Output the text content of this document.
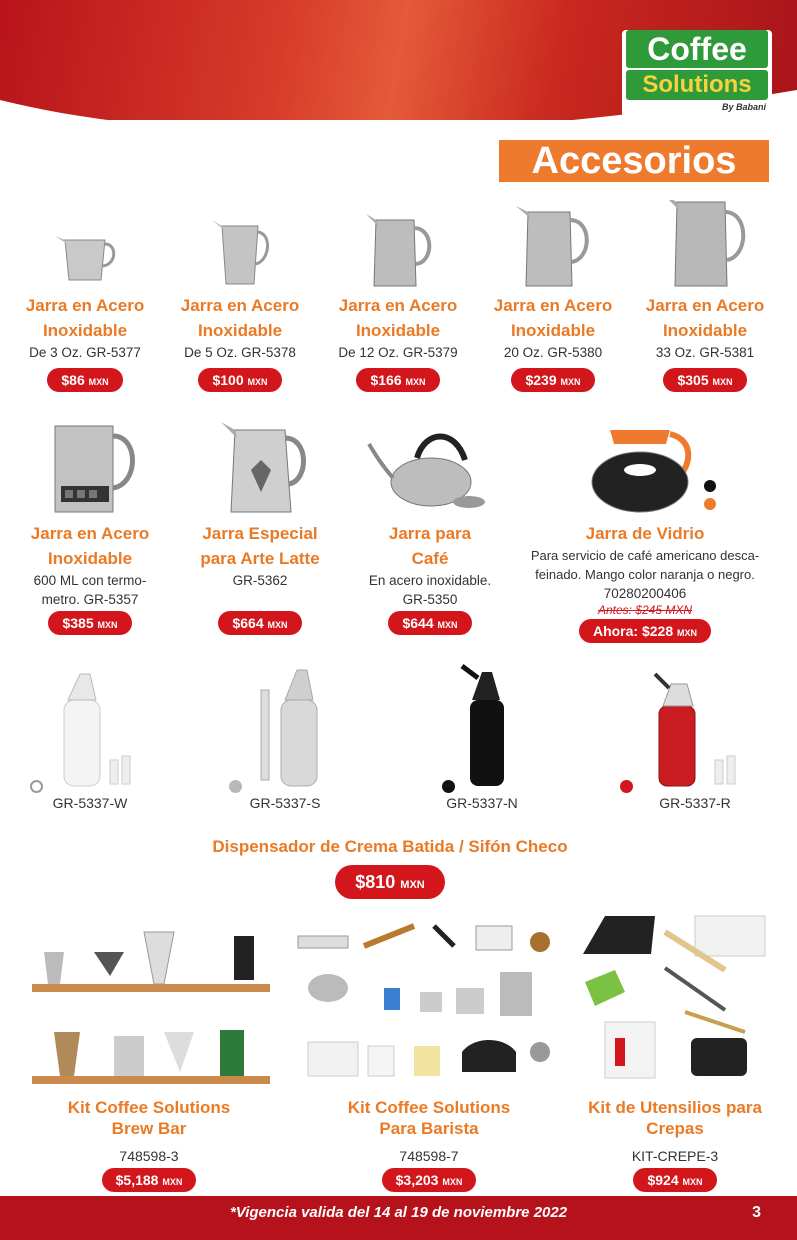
Coffee
Solutions
By Babani
Accesorios
Jarra en Acero
Inoxidable
De 3 Oz. GR-5377
$86 MXN
Jarra en Acero
Inoxidable
De 5 Oz. GR-5378
$100 MXN
Jarra en Acero
Inoxidable
De 12 Oz. GR-5379
$166 MXN
Jarra en Acero
Inoxidable
20 Oz. GR-5380
$239 MXN
Jarra en Acero
Inoxidable
33 Oz. GR-5381
$305 MXN
Jarra en Acero
Inoxidable
600 ML con termo-
metro. GR-5357
$385 MXN
Jarra Especial
para Arte Latte
GR-5362
$664 MXN
Jarra para
Café
En acero inoxidable.
GR-5350
$644 MXN
Jarra de Vidrio
Para servicio de café americano desca-
feinado. Mango color naranja o negro.
70280200406
Antes: $245 MXN
Ahora: $228 MXN
GR-5337-W	GR-5337-S	GR-5337-N	GR-5337-R
Dispensador de Crema Batida / Sifón Checo
$810 MXN
Kit Coffee Solutions
Brew Bar
748598-3
$5,188 MXN
Kit Coffee Solutions
Para Barista
748598-7
$3,203 MXN
Kit de Utensilios para
Crepas
KIT-CREPE-3
$924 MXN
*Vigencia valida del 14 al 19 de noviembre 2022	3
